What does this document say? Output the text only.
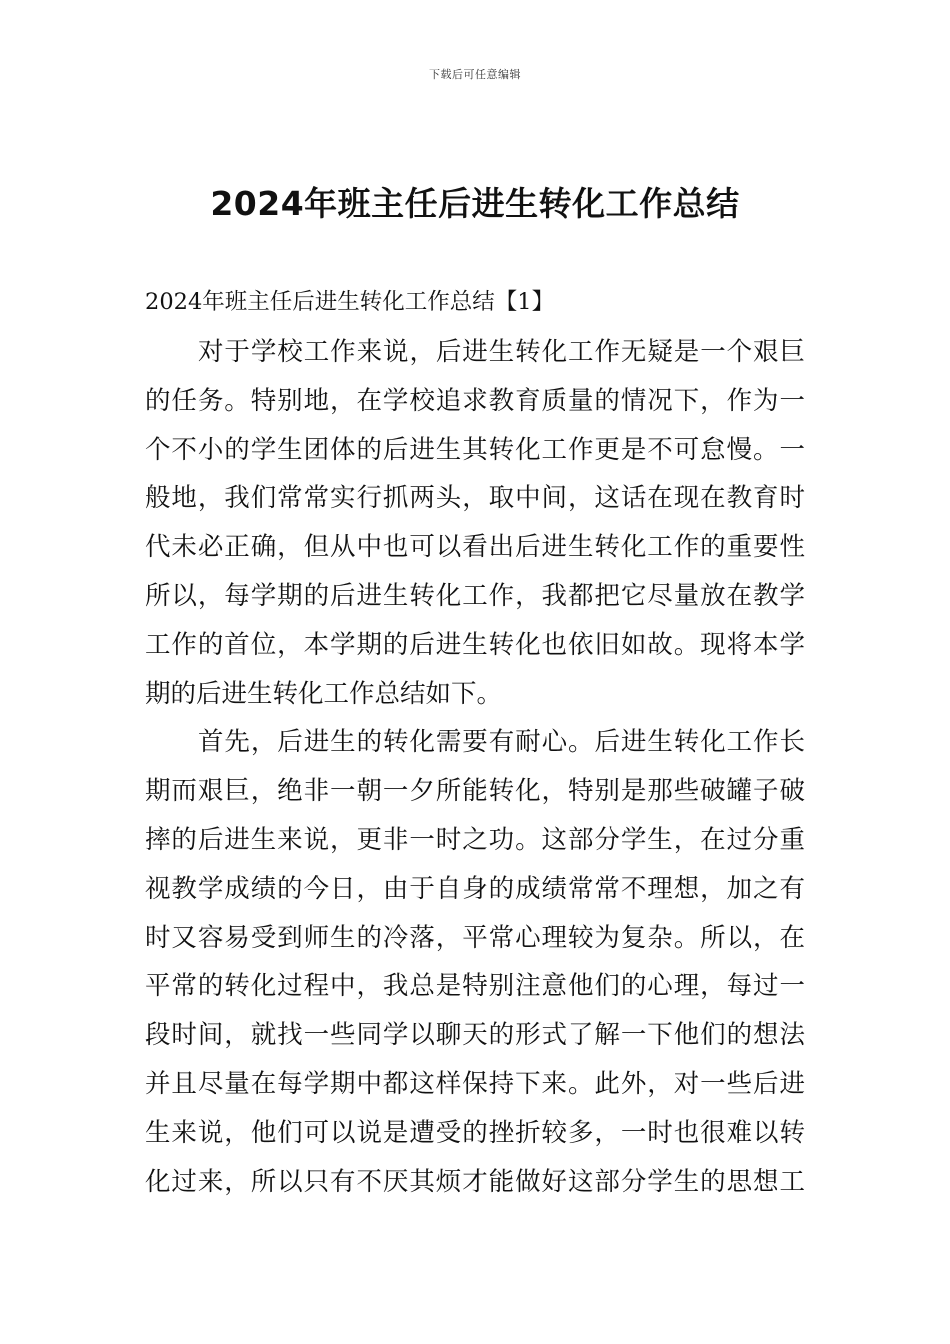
下载后可任意编辑
2024年班主任后进生转化工作总结
2024年班主任后进生转化工作总结【1】
对于学校工作来说，后进生转化工作无疑是一个艰巨
的任务。特别地，在学校追求教育质量的情况下，作为一
个不小的学生团体的后进生其转化工作更是不可怠慢。一
般地，我们常常实行抓两头，取中间，这话在现在教育时
代未必正确，但从中也可以看出后进生转化工作的重要性
所以，每学期的后进生转化工作，我都把它尽量放在教学
工作的首位，本学期的后进生转化也依旧如故。现将本学
期的后进生转化工作总结如下。
首先，后进生的转化需要有耐心。后进生转化工作长
期而艰巨，绝非一朝一夕所能转化，特别是那些破罐子破
摔的后进生来说，更非一时之功。这部分学生，在过分重
视教学成绩的今日，由于自身的成绩常常不理想，加之有
时又容易受到师生的冷落，平常心理较为复杂。所以，在
平常的转化过程中，我总是特别注意他们的心理，每过一
段时间，就找一些同学以聊天的形式了解一下他们的想法
并且尽量在每学期中都这样保持下来。此外，对一些后进
生来说，他们可以说是遭受的挫折较多，一时也很难以转
化过来，所以只有不厌其烦才能做好这部分学生的思想工
